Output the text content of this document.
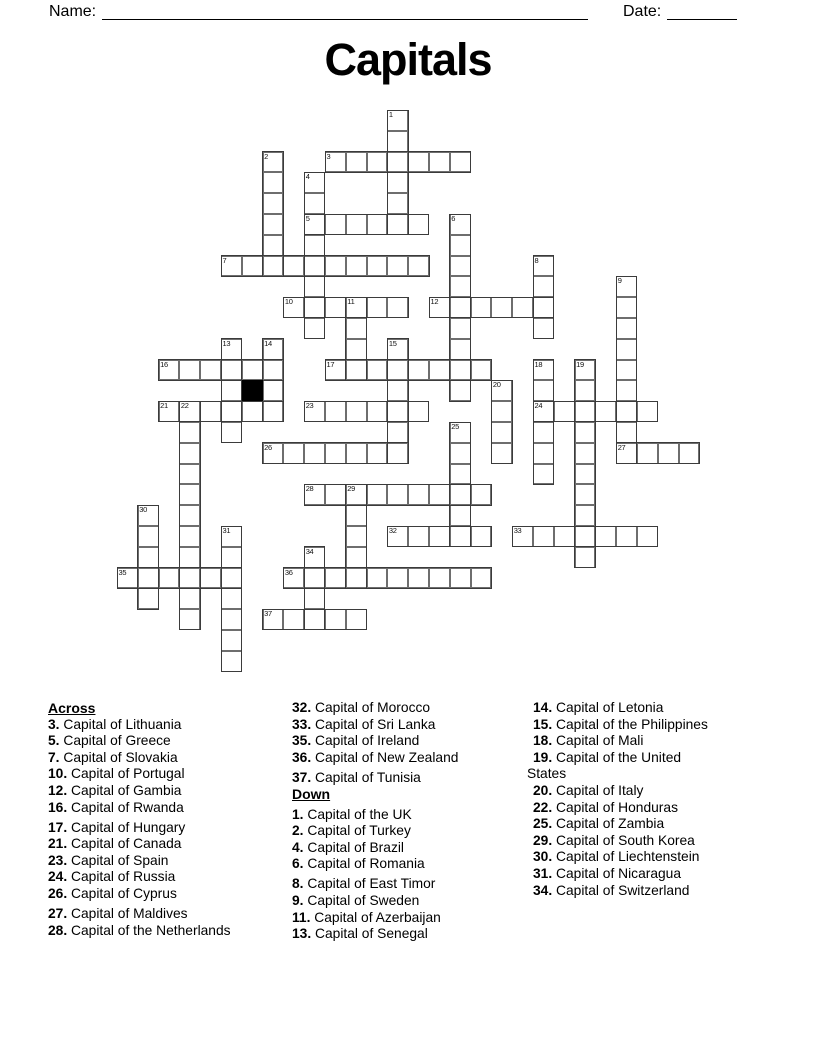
Name:	Date:
Capitals
1
2	3
4
5	6
7	8
9
10	11	12
13	14	15
16	17	18	19
20
21 22	23	24
25
26	27
28	29
30
31	32	33
34
35	36
37
Across
3. Capital of Lithuania
5. Capital of Greece
7. Capital of Slovakia
10. Capital of Portugal
12. Capital of Gambia
16. Capital of Rwanda
17. Capital of Hungary
21. Capital of Canada
23. Capital of Spain
24. Capital of Russia
26. Capital of Cyprus
27. Capital of Maldives
28. Capital of the Netherlands
32. Capital of Morocco
33. Capital of Sri Lanka
35. Capital of Ireland
36. Capital of New Zealand
37. Capital of Tunisia
Down
1. Capital of the UK
2. Capital of Turkey
4. Capital of Brazil
6. Capital of Romania
8. Capital of East Timor
9. Capital of Sweden
11. Capital of Azerbaijan
13. Capital of Senegal
14. Capital of Letonia
15. Capital of the Philippines
18. Capital of Mali
19. Capital of the United
States
20. Capital of Italy
22. Capital of Honduras
25. Capital of Zambia
29. Capital of South Korea
30. Capital of Liechtenstein
31. Capital of Nicaragua
34. Capital of Switzerland
